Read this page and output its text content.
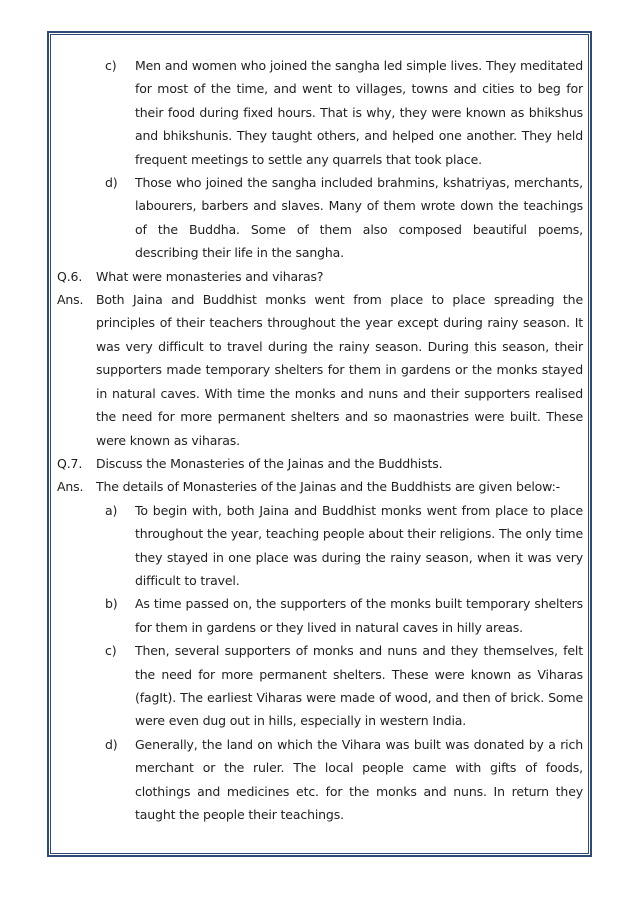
c)	Men and women who joined the sangha led simple lives. They meditated for most of the time, and went to villages, towns and cities to beg for their food during fixed hours. That is why, they were known as bhikshus and bhikshunis. They taught others, and helped one another. They held frequent meetings to settle any quarrels that took place.
d)	Those who joined the sangha included brahmins, kshatriyas, merchants, labourers, barbers and slaves. Many of them wrote down the teachings of the Buddha. Some of them also composed beautiful poems, describing their life in the sangha.
Q.6.	What were monasteries and viharas?
Ans.	Both Jaina and Buddhist monks went from place to place spreading the principles of their teachers throughout the year except during rainy season. It was very difficult to travel during the rainy season. During this season, their supporters made temporary shelters for them in gardens or the monks stayed in natural caves. With time the monks and nuns and their supporters realised the need for more permanent shelters and so maonastries were built. These were known as viharas.
Q.7.	Discuss the Monasteries of the Jainas and the Buddhists.
Ans.	The details of Monasteries of the Jainas and the Buddhists are given below:-
a)	To begin with, both Jaina and Buddhist monks went from place to place throughout the year, teaching people about their religions. The only time they stayed in one place was during the rainy season, when it was very difficult to travel.
b)	As time passed on, the supporters of the monks built temporary shelters for them in gardens or they lived in natural caves in hilly areas.
c)	Then, several supporters of monks and nuns and they themselves, felt the need for more permanent shelters. These were known as Viharas (fagIt). The earliest Viharas were made of wood, and then of brick. Some were even dug out in hills, especially in western India.
d)	Generally, the land on which the Vihara was built was donated by a rich merchant or the ruler. The local people came with gifts of foods, clothings and medicines etc. for the monks and nuns. In return they taught the people their teachings.
